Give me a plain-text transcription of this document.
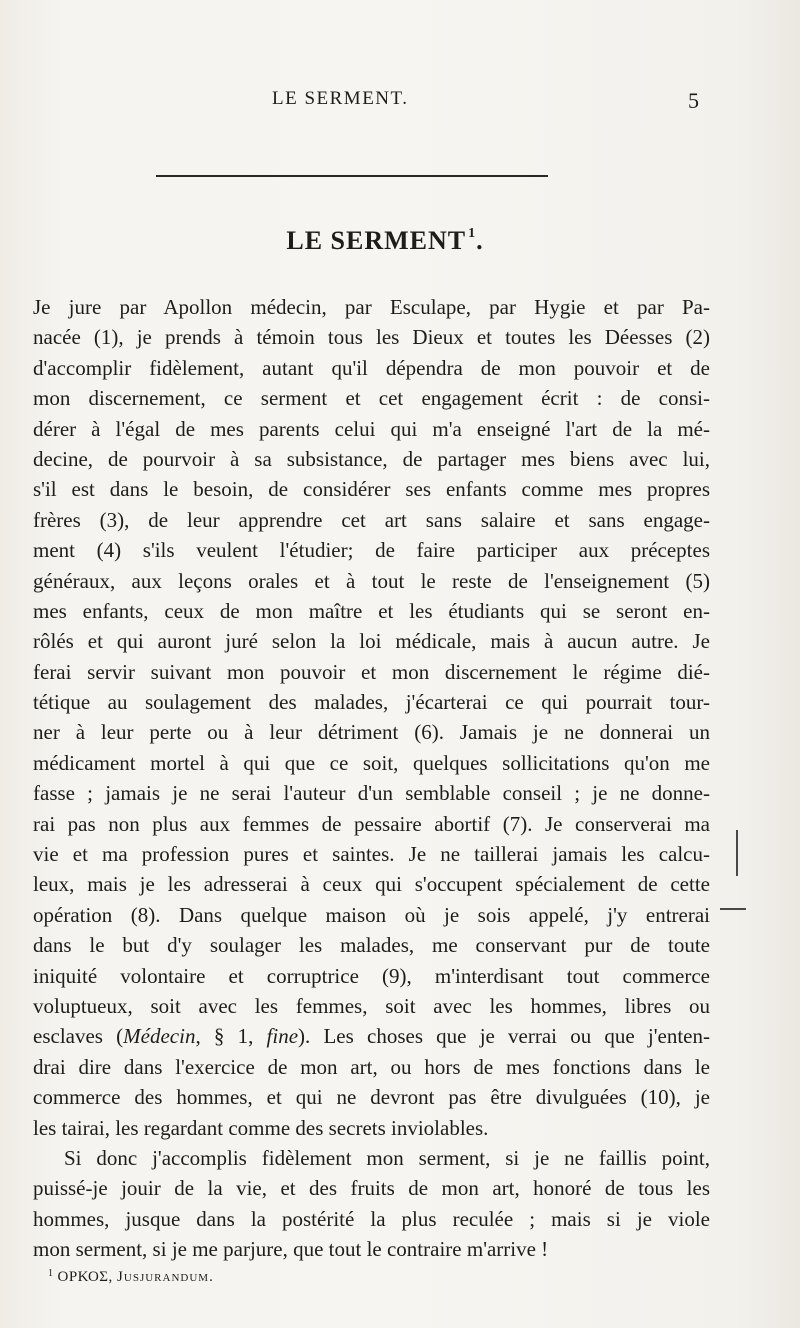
LE SERMENT.	5
LE SERMENT $^1$.
Je jure par Apollon médecin, par Esculape, par Hygie et par Pa-
nacée (1), je prends à témoin tous les Dieux et toutes les Déesses (2)
d'accomplir fidèlement, autant qu'il dépendra de mon pouvoir et de
mon discernement, ce serment et cet engagement écrit : de consi-
dérer à l'égal de mes parents celui qui m'a enseigné l'art de la mé-
decine, de pourvoir à sa subsistance, de partager mes biens avec lui,
s'il est dans le besoin, de considérer ses enfants comme mes propres
frères (3), de leur apprendre cet art sans salaire et sans engage-
ment (4) s'ils veulent l'étudier; de faire participer aux préceptes
généraux, aux leçons orales et à tout le reste de l'enseignement (5)
mes enfants, ceux de mon maître et les étudiants qui se seront en-
rôlés et qui auront juré selon la loi médicale, mais à aucun autre. Je
ferai servir suivant mon pouvoir et mon discernement le régime dié-
tétique au soulagement des malades, j'écarterai ce qui pourrait tour-
ner à leur perte ou à leur détriment (6). Jamais je ne donnerai un
médicament mortel à qui que ce soit, quelques sollicitations qu'on me
fasse ; jamais je ne serai l'auteur d'un semblable conseil ; je ne donne-
rai pas non plus aux femmes de pessaire abortif (7). Je conserverai ma
vie et ma profession pures et saintes. Je ne taillerai jamais les calcu-
leux, mais je les adresserai à ceux qui s'occupent spécialement de cette
opération (8). Dans quelque maison où je sois appelé, j'y entrerai
dans le but d'y soulager les malades, me conservant pur de toute
iniquité volontaire et corruptrice (9), m'interdisant tout commerce
voluptueux, soit avec les femmes, soit avec les hommes, libres ou
esclaves (Médecin, § 1, fine). Les choses que je verrai ou que j'enten-
drai dire dans l'exercice de mon art, ou hors de mes fonctions dans le
commerce des hommes, et qui ne devront pas être divulguées (10), je
les tairai, les regardant comme des secrets inviolables.
Si donc j'accomplis fidèlement mon serment, si je ne faillis point,
puissé-je jouir de la vie, et des fruits de mon art, honoré de tous les
hommes, jusque dans la postérité la plus reculée ; mais si je viole
mon serment, si je me parjure, que tout le contraire m'arrive !
$^1$ ΟΡΚΟΣ, Jusjurandum.
